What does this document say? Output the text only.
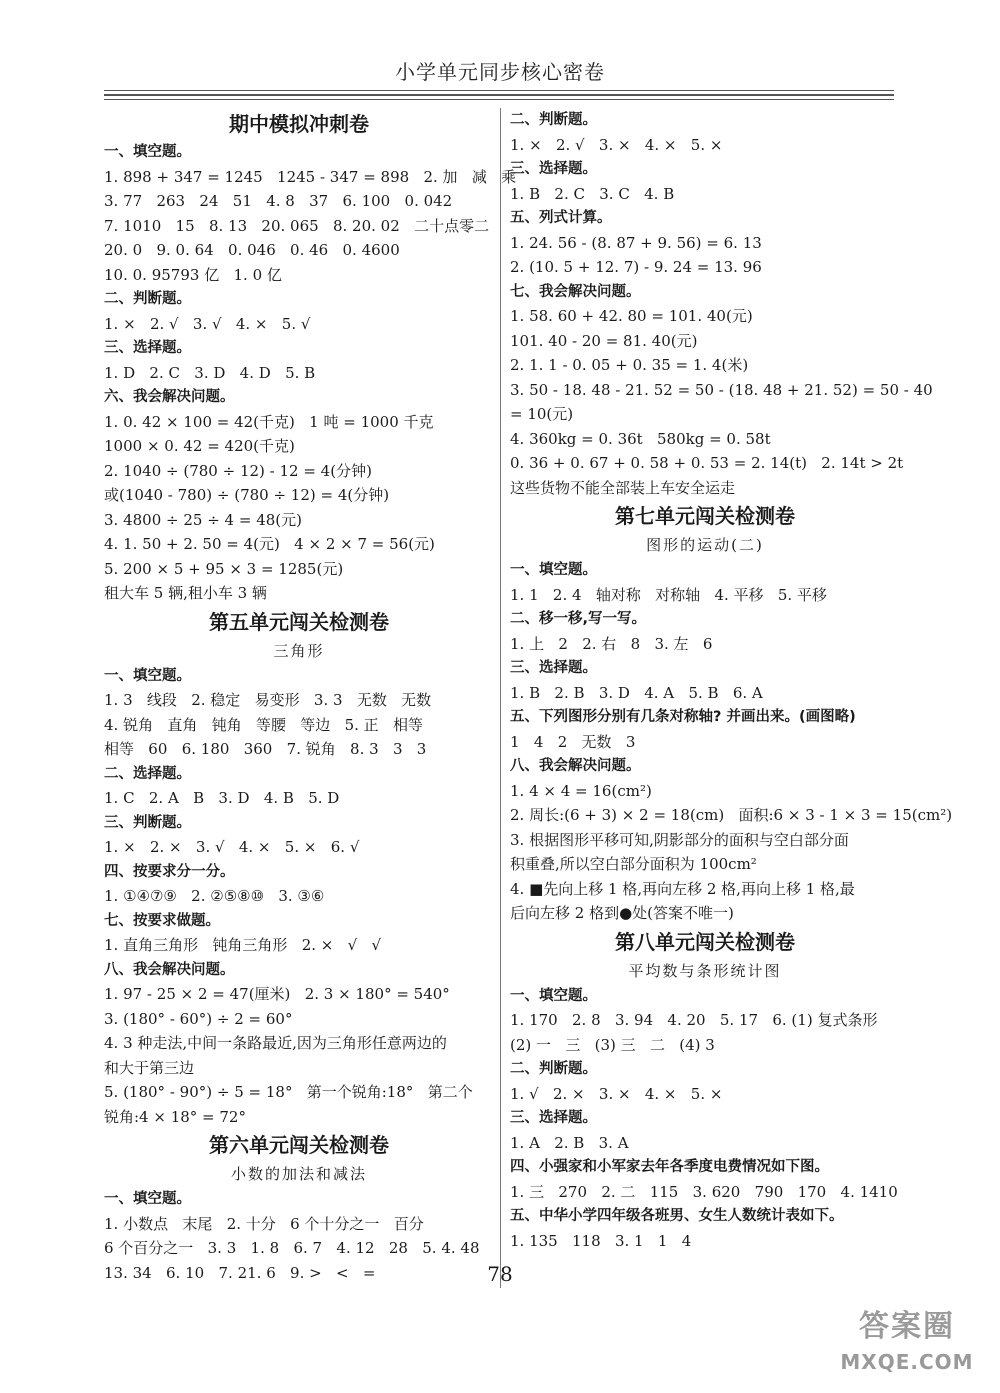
小学单元同步核心密卷
期中模拟冲刺卷
一、填空题。
1. 898 + 347 = 1245   1245 - 347 = 898   2. 加   减   乘
3. 77   263   24   51   4. 8   37   6. 100   0. 042
7. 1010   15   8. 13   20. 065   8. 20. 02   二十点零二
20. 0   9. 0. 64   0. 046   0. 46   0. 4600
10. 0. 95793 亿   1. 0 亿
二、判断题。
1. ×   2. √   3. √   4. ×   5. √
三、选择题。
1. D   2. C   3. D   4. D   5. B
六、我会解决问题。
1. 0. 42 × 100 = 42(千克)   1 吨 = 1000 千克
1000 × 0. 42 = 420(千克)
2. 1040 ÷ (780 ÷ 12) - 12 = 4(分钟)
或(1040 - 780) ÷ (780 ÷ 12) = 4(分钟)
3. 4800 ÷ 25 ÷ 4 = 48(元)
4. 1. 50 + 2. 50 = 4(元)   4 × 2 × 7 = 56(元)
5. 200 × 5 + 95 × 3 = 1285(元)
租大车 5 辆,租小车 3 辆
第五单元闯关检测卷
三角形
一、填空题。
1. 3   线段   2. 稳定   易变形   3. 3   无数   无数
4. 锐角   直角   钝角   等腰   等边   5. 正   相等
相等   60   6. 180   360   7. 锐角   8. 3   3   3
二、选择题。
1. C   2. A   B   3. D   4. B   5. D
三、判断题。
1. ×   2. ×   3. √   4. ×   5. ×   6. √
四、按要求分一分。
1. ①④⑦⑨   2. ②⑤⑧⑩   3. ③⑥
七、按要求做题。
1. 直角三角形   钝角三角形   2. ×   √   √
八、我会解决问题。
1. 97 - 25 × 2 = 47(厘米)   2. 3 × 180° = 540°
3. (180° - 60°) ÷ 2 = 60°
4. 3 种走法,中间一条路最近,因为三角形任意两边的
和大于第三边
5. (180° - 90°) ÷ 5 = 18°   第一个锐角:18°   第二个
锐角:4 × 18° = 72°
第六单元闯关检测卷
小数的加法和减法
一、填空题。
1. 小数点   末尾   2. 十分   6 个十分之一   百分
6 个百分之一   3. 3   1. 8   6. 7   4. 12   28   5. 4. 48
13. 34   6. 10   7. 21. 6   9. >   <   =
二、判断题。
1. ×   2. √   3. ×   4. ×   5. ×
三、选择题。
1. B   2. C   3. C   4. B
五、列式计算。
1. 24. 56 - (8. 87 + 9. 56) = 6. 13
2. (10. 5 + 12. 7) - 9. 24 = 13. 96
七、我会解决问题。
1. 58. 60 + 42. 80 = 101. 40(元)
101. 40 - 20 = 81. 40(元)
2. 1. 1 - 0. 05 + 0. 35 = 1. 4(米)
3. 50 - 18. 48 - 21. 52 = 50 - (18. 48 + 21. 52) = 50 - 40
= 10(元)
4. 360kg = 0. 36t   580kg = 0. 58t
0. 36 + 0. 67 + 0. 58 + 0. 53 = 2. 14(t)   2. 14t > 2t
这些货物不能全部装上车安全运走
第七单元闯关检测卷
图形的运动(二)
一、填空题。
1. 1   2. 4   轴对称   对称轴   4. 平移   5. 平移
二、移一移,写一写。
1. 上   2   2. 右   8   3. 左   6
三、选择题。
1. B   2. B   3. D   4. A   5. B   6. A
五、下列图形分别有几条对称轴? 并画出来。(画图略)
1   4   2   无数   3
八、我会解决问题。
1. 4 × 4 = 16(cm²)
2. 周长:(6 + 3) × 2 = 18(cm)   面积:6 × 3 - 1 × 3 = 15(cm²)
3. 根据图形平移可知,阴影部分的面积与空白部分面
积重叠,所以空白部分面积为 100cm²
4. ■先向上移 1 格,再向左移 2 格,再向上移 1 格,最
后向左移 2 格到●处(答案不唯一)
第八单元闯关检测卷
平均数与条形统计图
一、填空题。
1. 170   2. 8   3. 94   4. 20   5. 17   6. (1) 复式条形
(2) 一   三   (3) 三   二   (4) 3
二、判断题。
1. √   2. ×   3. ×   4. ×   5. ×
三、选择题。
1. A   2. B   3. A
四、小强家和小军家去年各季度电费情况如下图。
1. 三   270   2. 二   115   3. 620   790   170   4. 1410
五、中华小学四年级各班男、女生人数统计表如下。
1. 135   118   3. 1   1   4
78
答案圈
MXQE.COM
